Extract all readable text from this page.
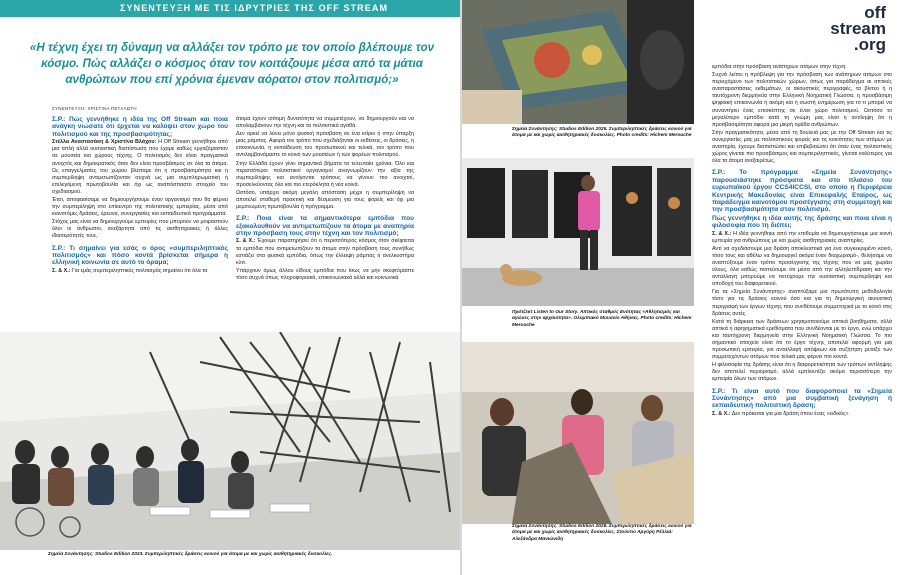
ΣΥΝΕΝΤΕΥΞΗ ΜΕ ΤΙΣ ΙΔΡΥΤΡΙΕΣ ΤΗΣ OFF STREAM
«Η τέχνη έχει τη δύναμη να αλλάξει τον τρόπο με τον οποίο βλέπουμε τον κόσμο. Πώς αλλάζει ο κόσμος όταν τον κοιτάζουμε μέσα από τα μάτια ανθρώπων που επί χρόνια έμεναν αόρατοι στον πολιτισμό;»
ΣΥΝΕΝΤΕΥΞΗ: ΧΡΙΣΤΙΝΑ ΠΕΤΑΛΩΤΗ

Σ.Ρ.: Πώς γεννήθηκε η ιδέα της Off Stream και ποια ανάγκη νιώσατε ότι έρχεται να καλύψει στον χώρο του πολιτισμού και της προσβασιμότητας;

Στέλλα Αναστασάκη & Χριστίνα Βλάχου: Η Off Stream γεννήθηκε από μια απλή αλλά ουσιαστική διαπίστωση που έχαμε καθώς εργαζόμασταν σε μουσεία και χώρους τέχνης. Ο πολιτισμός δεν είναι πραγματικά ανοιχτός και δημοκρατικός όταν δεν είναι προσβάσιμος σε όλα τα άτομα. Ως επαγγελματίες του χώρου βλέπαμε ότι η προσβασιμότητα και η συμπερίληψη αντιμετωπίζονταν συχνά ως μια συμπληρωματική ή επιλεγόμενη πρωτοβουλία και όχι ως αναπόσπαστο στοιχείο του σχεδιασμού.

Έτσι, αποφασίσαμε να δημιουργήσουμε έναν οργανισμό που θα φέρνει την συμπερίληψη στο επίκεντρο της πολιτιστικής εμπειρίας, μέσα από καινοτόμες δράσεις, έρευνα, συνεργασίες και εκπαιδευτικά προγράμματα.

Στόχος μας είναι να δημιουργούμε εμπειρίες που μπορούν να μοιραστούν όλοι οι άνθρωποι, ανεξάρτητα από τις αισθητηριακές ή άλλες ιδιαιτερότητές τους.

Σ.Ρ.: Τι σημαίνει για εσάς ο όρος «συμπεριληπτικός πολιτισμός» και πόσο κοντά βρίσκεται σήμερα η ελληνική κοινωνία σε αυτό το όραμα;

Σ. & Χ.: Για εμάς συμπεριληπτικός πολιτισμός σημαίνει ότι όλα τα

άτομα έχουν ισότιμη δυνατότητα να συμμετέχουν, να δημιουργούν και να απολαμβάνουν την τέχνη και τα πολιτιστικά αγαθά.

Δεν αρκεί να λύνει μόνο φυσική πρόσβαση σε ένα κτίριο ή στην ύπαρξη μιας ράμπας. Αφορά τον τρόπο που σχεδιάζονται οι εκθέσεις, οι δράσεις, η επικοινωνία, η εκπαίδευση του προσωπικού και τελικά, τον τρόπο που αντιλαμβανόμαστε το κοινό των μουσείων ή των φορέων πολιτισμού.

Στην Ελλάδα έχουν γίνει σημαντικά βήματα τα τελευταία χρόνια. Όλο και περισσότεροι πολιτιστικοί οργανισμοί αναγνωρίζουν την αξία της συμπερίληψης και ανοίγονται τρόπους να γίνουν πιο ανοιχτοί, προσελκύοντας όλο και πιο ετερόκλητα ή νέα κοινά.

Ωστόσο, υπάρχει ακόμη μεγάλη απόσταση μέχρι η συμπερίληψη να αποτελεί σταθερή πρακτική και δέσμευση για τους φορείς και όχι μια μεμονωμένη πρωτοβουλία ή πρόγραμμα.

Σ.Ρ.: Ποια είναι τα σημαντικότερα εμπόδια που εξακολουθούν να αντιμετωπίζουν τα άτομα με αναπηρία στην πρόσβαση τους στην τέχνη και τον πολιτισμό;

Σ. & Χ.: Έχουμε παρατηρήσει ότι ο περισσότερος κόσμος όταν σκέφτεται τα εμπόδια που αντιμετωπίζουν τα άτομα στην πρόσβαση τους συνήθως εστιάζει στα φυσικά εμπόδια, όπως την έλλειψη ράμπας ή ανελκυστήρα κλπ.

Υπάρχουν όμως άλλου είδους εμπόδια που ίσως να μην σκεφτόμαστε τόσο συχνά όπως πληροφοριακά, επικοινωνιακά αλλά και κοινωνικά

Σημεία Συνάντησης: Studios Edition 2023. Συμπεριληπτικές δράσεις κοινού για άτομα με και χωρίς αισθητηριακές δυσκολίες.
Σημεία Συνάντησης: Studios Edition 2025. Συμπεριληπτικές δράσεις κοινού για άτομα με και χωρίς αισθητηριακές δυσκολίες. Photo credits: Hichem Merouche
Πρότζεκτ Listen to Our Story. Απτικός σταθμός Ενότητας «Αθλητισμός και αγώνες στην αρχαιότητα». Ολυμπιακό Μουσείο Αθήνας. Photo credits: Hichem Merouche
Σημεία Συνάντησης: Studios Edition 2026. Συμπεριληπτικές δράσεις κοινού για άτομα με και χωρίς αισθητηριακές δυσκολίες. Στούντιο Αργύρη Ρέλλιά: Αλεξάνδρα Μανιώνιδη
off
stream
.org

εμπόδια στην πρόσβαση ανάπηρων ατόμων στην τέχνη.

Συχνά λείπει η πρόβλεψη για την πρόσβαση των ανάπηρων ατόμων στο περιεχόμενο των πολιτιστικών χώρων, όπως για παράδειγμα αι απτικές αναπαραστάσεις εκθεμάτων, οι ακουστικές περιγραφές, τα βίντεο ή η ταυτόχρονη διερμηνεία στην Ελληνική Νοηματική Γλώσσα, η προσβάσιμη ψηφιακή επικοινωνία ή ακόμη και η σωστή ενημέρωση για το τι μπορεί να συναντήσει ένας επισκέπτης σε έναν χώρο πολιτισμού. Ωστόσο το μεγαλύτερο εμπόδιο κατά τη γνώμη μας είναι η αντίληψη ότι η προσβασιμότητα αφορά μια μικρή ομάδα ανθρώπων.

Στην πραγματικότητα, μέσα από τη δουλειά μας με την Off Stream και τις συνεργασίες μας με πολιτιστικούς φορείς και τις κοινότητες των ατόμων με αναπηρία, έχουμε διαπιστώσει και επιβεβαιώσει ότι όταν ένας πολιτιστικός χώρος γίνεται πιο προσβάσιμος και συμπεριληπτικός, γίνεται καλύτερος για όλα τα άτομα ανεξαιρέτως.

Σ.Ρ.: Το πρόγραμμα «Σημεία Συνάντησης» παρουσιάστηκε πρόσφατα και στο πλαίσιο του ευρωπαϊκού έργου CCS4ICCSI, στο οποίο η Περιφέρεια Κεντρικής Μακεδονίας είναι Επικεφαλής Εταίρος, ως παράδειγμα καινοτόμου προσέγγισης στη συμμετοχή και την προσβασιμότητα στον πολιτισμό.

Πώς γεννήθηκε η ιδέα αυτής της δράσης και ποια είναι η φιλοσοφία που τη διέπει;

Σ. & Χ.: Η ιδέα γεννήθηκε από την επιθυμία να δημιουργήσουμε μια κοινή εμπειρία για ανθρώπους με και χωρίς αισθητηριακές αναπηρίες.

Αντί να σχεδιάσουμε μια δράση αποκλειστικά για ένα συγκεκριμένο κοινό, τόσο τους και αθέλω να δημιουργεί ακόμα έναν διαχωρισμό-, θελήσαμε να αναπτύξουμε έναν τρόπο προσέγγισης της τέχνης που να μας χωράει όλους, όλα καθώς πιστεύουμε ότι μέσα από την αλληλεπίδραση και την ανταλλαγή μπορούμε να πετύχουμε την ουσιαστική συμπερίληψη και αποδοχή του διαφορετικού.

Για τα «Σημεία Συνάντησης» αναπτύξαμε μια πρωτότυπη μεθοδολογία τόσο για τις δράσεις κοινού όσο και για τη δημιουργική ακουστική περιγραφή των έργων τέχνης που συνθέτουμε συμμετοχικά με το κοινό στις δράσεις αυτές.

Κατά τη διάρκεια των δράσεων χρησιμοποιούμε απτικά βοηθήματα, αλλά απτικά ή αφηγηματικά ερεθίσματα που συνδέονται με το έργο, ενώ υπάρχει και ταυτόχρονη διερμηνεία στην Ελληνική Νοηματική Γλώσσα. Το πιο σημαντικό στοιχείο είναι ότι το έργο τέχνης αποτελεί αφορμή για μια προσωπική εμπειρία, για ανταλλαγή απόψεων και συζήτηση μεταξύ των συμμετεχόντων ατόμων που τελικά μας φέρνει πιο κοντά.

Η φιλοσοφία της δράσης είναι ότι η διαφορετικότητα των τρόπων αντίληψης δεν αποτελεί περιορισμό, αλλά εμπλουτίζει ακόμα περισσότερο την εμπειρία όλων των ατόμων.

Σ.Ρ.: Τι είναι αυτό που διαφοροποιεί τα «Σημεία Συνάντησης» από μια συμβατική ξενάγηση ή εκπαιδευτική πολιτιστική δράση;

Σ. & Χ.: Δεν πρόκειται για μια δράση όπου ένας «ειδικός»
